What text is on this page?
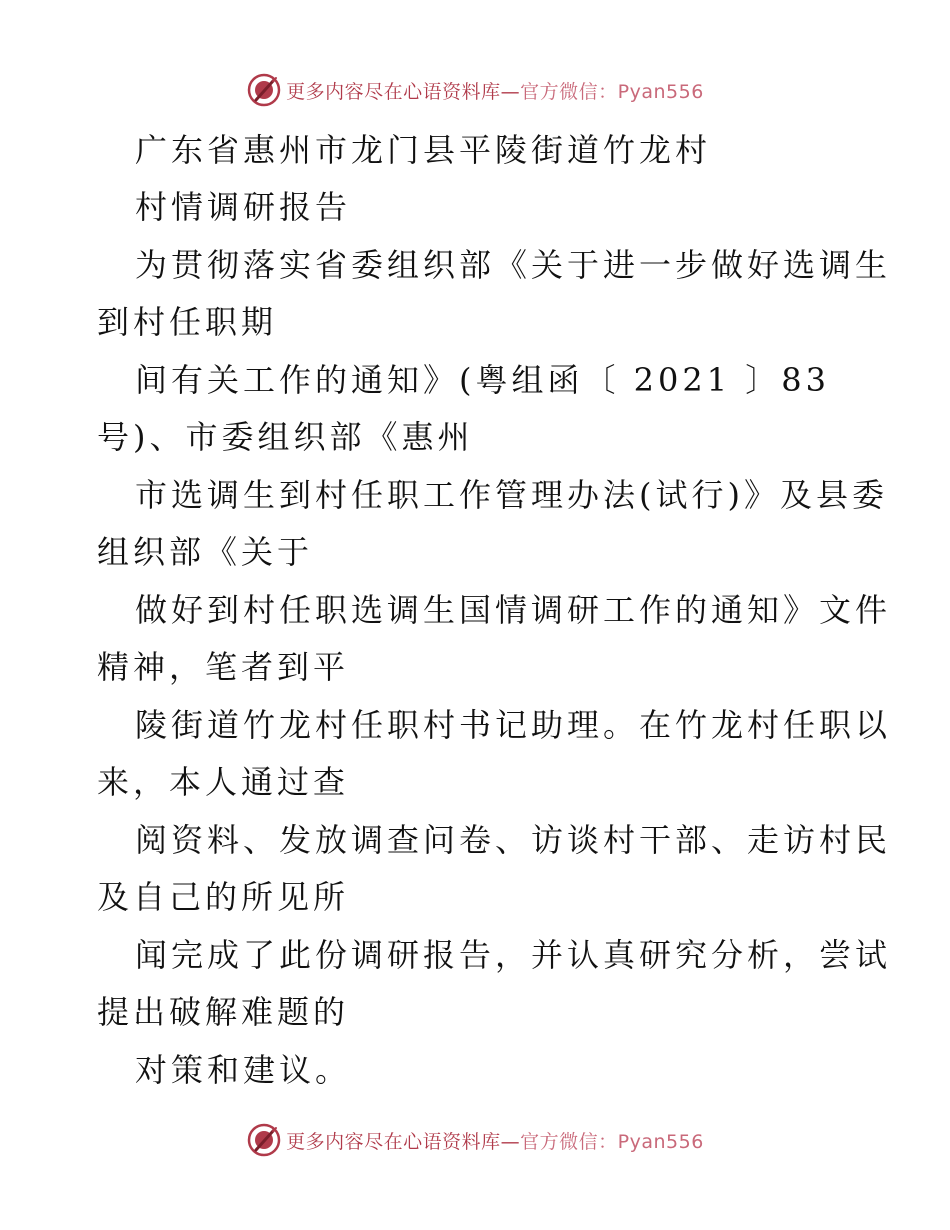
更多内容尽在心语资料库—官方微信：Pyan556
广东省惠州市龙门县平陵街道竹龙村
村情调研报告
为贯彻落实省委组织部《关于进一步做好选调生
到村任职期
间有关工作的通知》(粤组函〔 2021 〕83
号)、市委组织部《惠州
市选调生到村任职工作管理办法(试行)》及县委
组织部《关于
做好到村任职选调生国情调研工作的通知》文件
精神，笔者到平
陵街道竹龙村任职村书记助理。在竹龙村任职以
来，本人通过查
阅资料、发放调查问卷、访谈村干部、走访村民
及自己的所见所
闻完成了此份调研报告，并认真研究分析，尝试
提出破解难题的
对策和建议。
更多内容尽在心语资料库—官方微信：Pyan556
